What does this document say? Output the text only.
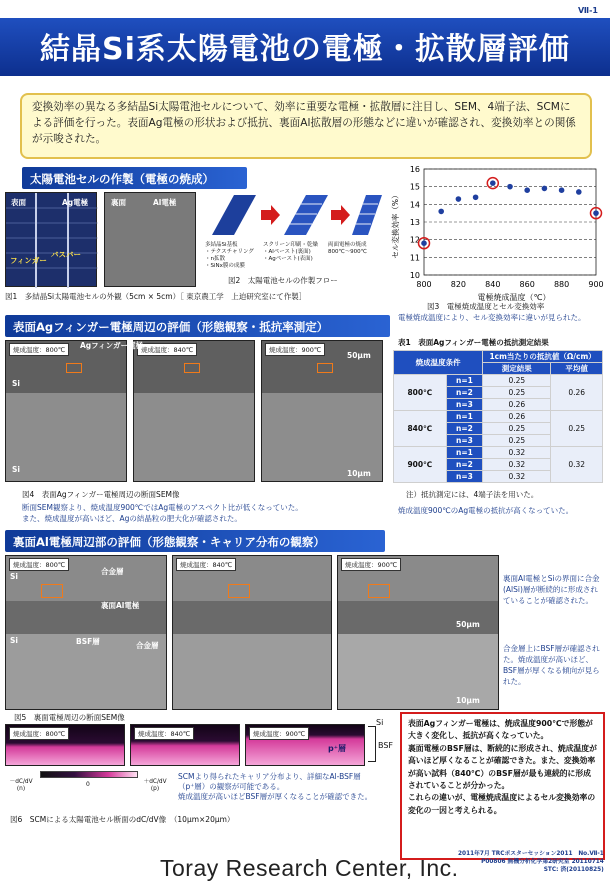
Ⅶ-1
結晶Si系太陽電池の電極・拡散層評価
変換効率の異なる多結晶Si太陽電池セルについて、効率に重要な電極・拡散層に注目し、SEM、4端子法、SCMによる評価を行った。表面Ag電極の形状および抵抗、裏面Al拡散層の形態などに違いが確認され、変換効率との関係が示唆された。
太陽電池セルの作製（電極の焼成）
表面	Ag電極
フィンガー
バスバー
裏面	Al電極
図1　多結晶Si太陽電池セルの外観（5cm × 5cm）［ 東京農工学　上迫研究室にて作製］
多結晶Si基板
・テクスチャリング
・n拡散
・SiNx膜の成膜
スクリーン印刷・乾燥
・Alペースト(裏面)
・Agペースト(表面)
両面電極の焼成
800℃～900℃
図2　太陽電池セルの作製フロー
10
11
12
13
14
15
16
800 820 840 860 880 900
電極焼成温度（℃）
セル変換効率（%）
図3　電極焼成温度とセル変換効率
電極焼成温度により、セル変換効率に違いが見られた。
表面Agフィンガー電極周辺の評価（形態観察・抵抗率測定）
焼成温度：800℃
Si
Si
焼成温度：840℃	焼成温度：900℃
50μm
10μm
Agフィンガー電極
図4　表面Agフィンガー電極周辺の断面SEM像
断面SEM観察より、焼成温度900℃ではAg電極のアスペクト比が低くなっていた。
また、焼成温度が高いほど、Agの結晶粒の肥大化が確認された。
表1　表面Agフィンガー電極の抵抗測定結果
焼成温度条件		1cm当たりの抵抗値（Ω/cm）	
		測定結果	平均値
800℃	n=1	0.25	0.26
	n=2	0.25	
	n=3	0.26	
840℃	n=1	0.26	0.25
	n=2	0.25	
	n=3	0.25	
900℃	n=1	0.32	0.32
	n=2	0.32	
	n=3	0.32	
注）抵抗測定には、4端子法を用いた。
焼成温度900℃のAg電極の抵抗が高くなっていた。
裏面Al電極周辺部の評価（形態観察・キャリア分布の観察）
焼成温度：800℃
Si
Si
合金層
裏面Al電極
BSF層	合金層
焼成温度：840℃	焼成温度：900℃
50μm
10μm
裏面Al電極とSiの界面に合金(AlSi)層が断続的に形成されていることが確認された。
合金層上にBSF層が確認された。焼成温度が高いほど、BSF層が厚くなる傾向が見られた。
図5　裏面電極周辺の断面SEM像
焼成温度：800℃	焼成温度：840℃	焼成温度：900℃
p⁺層
Si
BSF
－dC/dV
(n)
0	＋dC/dV
(p)
SCMより得られたキャリア分布より、詳細なAl-BSF層
（p⁺層）の観察が可能である。
焼成温度が高いほどBSF層が厚くなることが確認できた。
図6　SCMによる太陽電池セル断面のdC/dV像　（10μm×20μm）
表面Agフィンガー電極は、焼成温度900℃で形態が大きく変化し、抵抗が高くなっていた。
裏面電極のBSF層は、断続的に形成され、焼成温度が高いほど厚くなることが確認できた。また、変換効率が高い試料（840℃）のBSF層が最も連続的に形成されていることが分かった。
これらの違いが、電極焼成温度によるセル変換効率の変化の一因と考えられる。
Toray Research Center, Inc.
2011年7月 TRCポスターセッション2011　No.Ⅶ-1
P00806 無機分析化学第2研究室 20110714
STC: 済(20110825)
